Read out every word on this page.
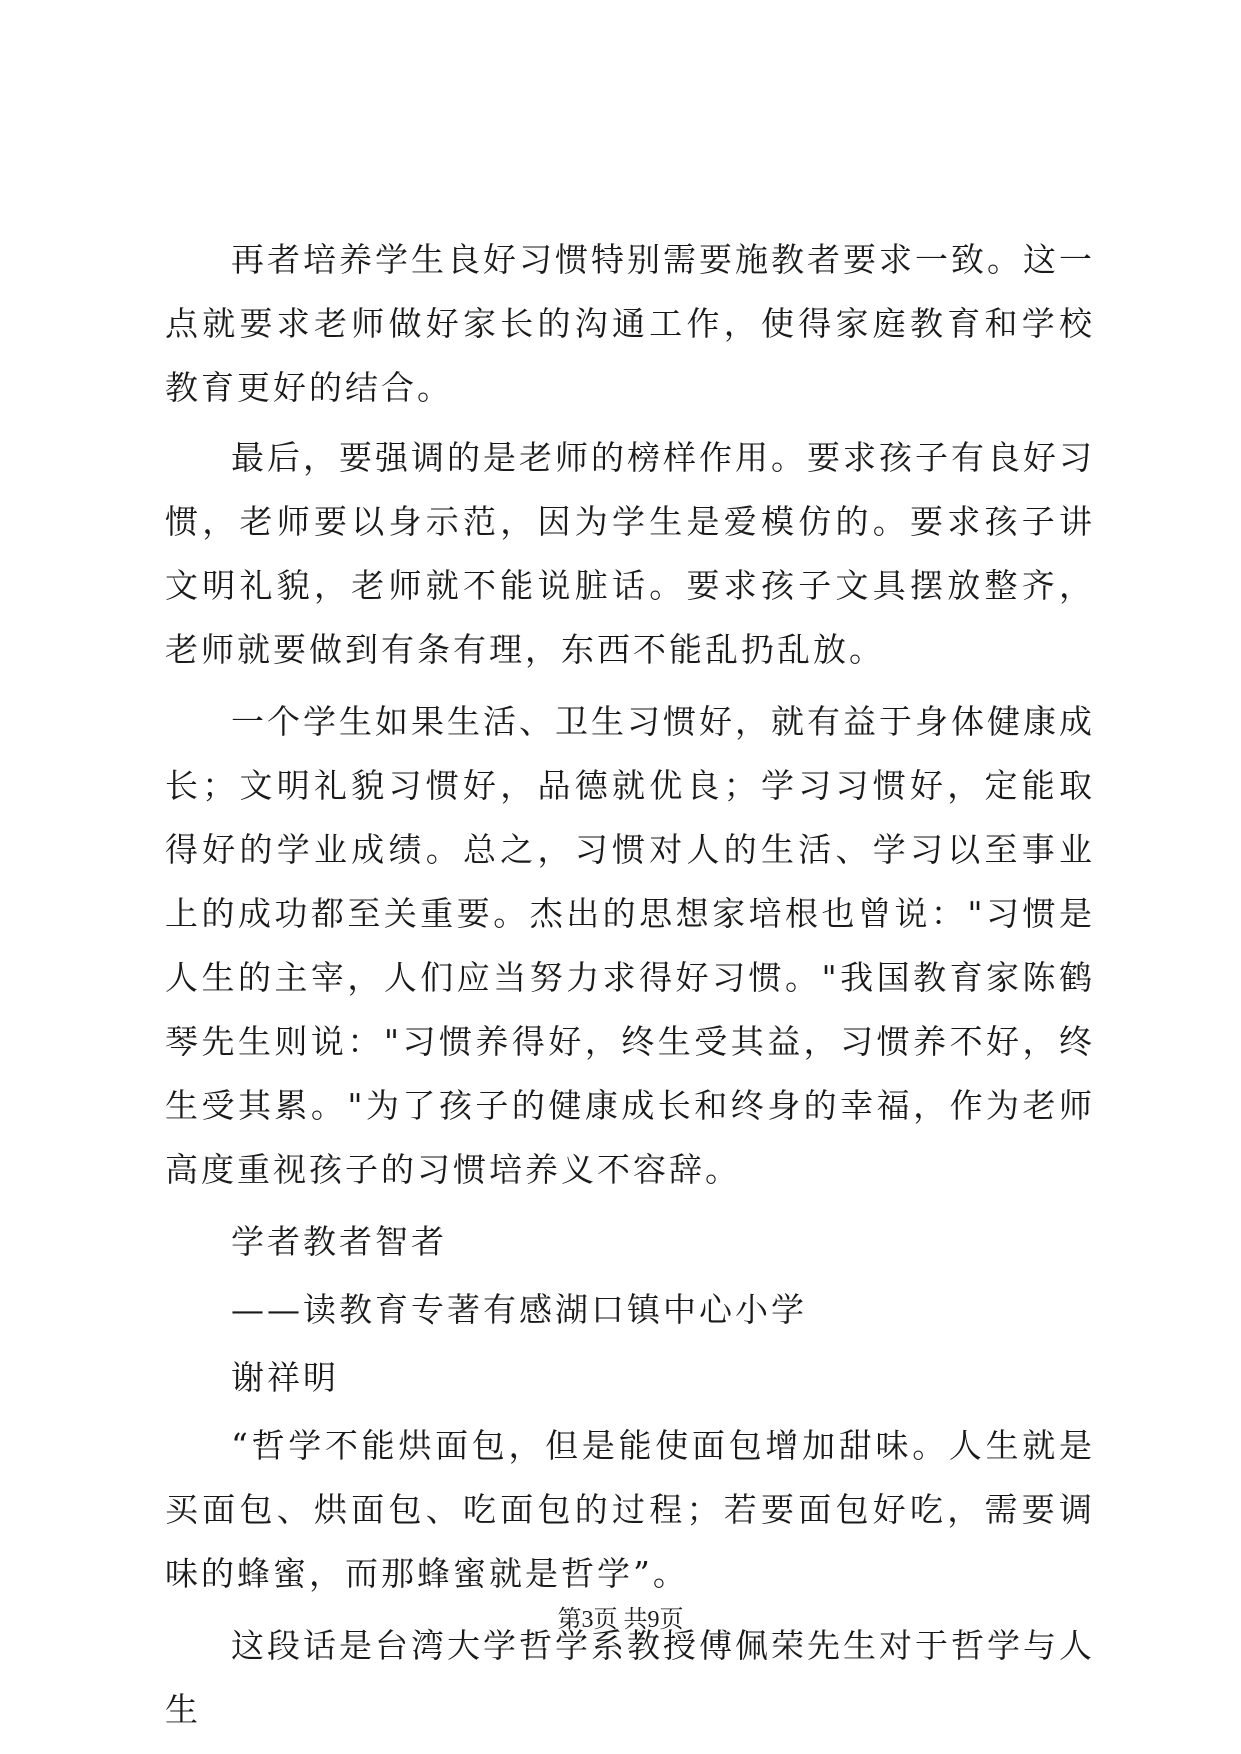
再者培养学生良好习惯特别需要施教者要求一致。这一点就要求老师做好家长的沟通工作，使得家庭教育和学校教育更好的结合。

最后，要强调的是老师的榜样作用。要求孩子有良好习惯，老师要以身示范，因为学生是爱模仿的。要求孩子讲文明礼貌，老师就不能说脏话。要求孩子文具摆放整齐，老师就要做到有条有理，东西不能乱扔乱放。

一个学生如果生活、卫生习惯好，就有益于身体健康成长；文明礼貌习惯好，品德就优良；学习习惯好，定能取得好的学业成绩。总之，习惯对人的生活、学习以至事业上的成功都至关重要。杰出的思想家培根也曾说："习惯是人生的主宰，人们应当努力求得好习惯。"我国教育家陈鹤琴先生则说："习惯养得好，终生受其益，习惯养不好，终生受其累。"为了孩子的健康成长和终身的幸福，作为老师高度重视孩子的习惯培养义不容辞。

学者教者智者

——读教育专著有感湖口镇中心小学

谢祥明

“哲学不能烘面包，但是能使面包增加甜味。人生就是买面包、烘面包、吃面包的过程；若要面包好吃，需要调味的蜂蜜，而那蜂蜜就是哲学”。

这段话是台湾大学哲学系教授傅佩荣先生对于哲学与人生

第3页 共9页
